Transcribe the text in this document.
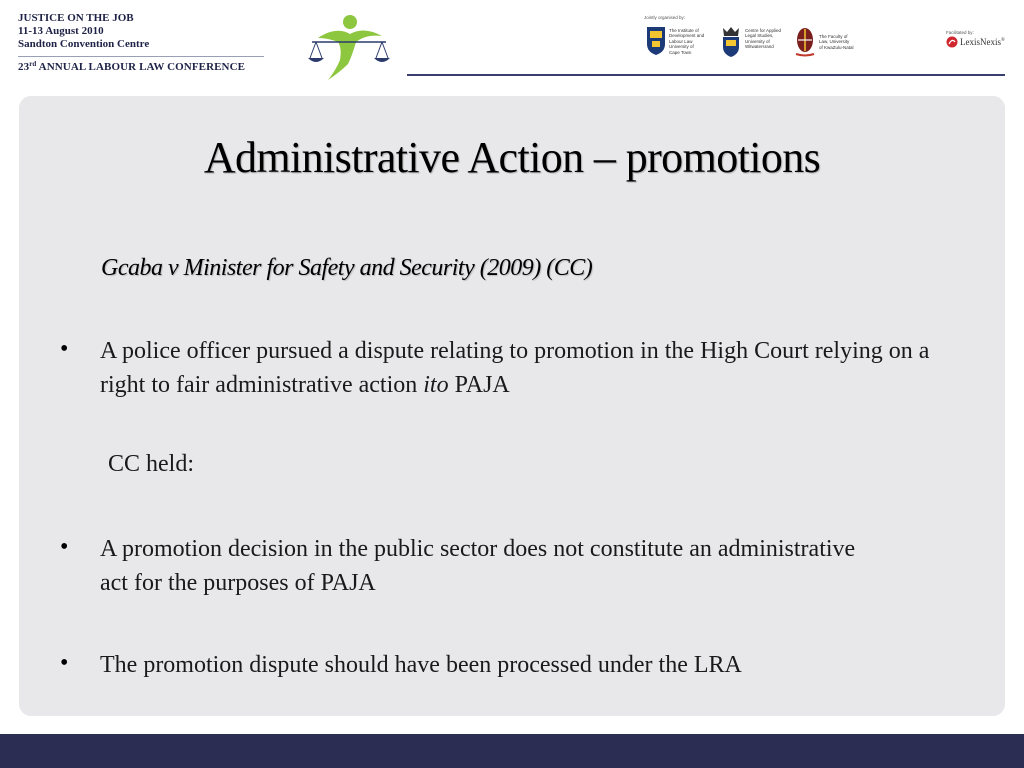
JUSTICE ON THE JOB
11-13 August 2010
Sandton Convention Centre
23rd ANNUAL LABOUR LAW CONFERENCE
Jointly organised by:
The Institute of
Development and
Labour Law
University of
Cape Town
Centre for Applied
Legal Studies,
University of
Witwatersrand
The Faculty of
Law, University
of KwaZulu-Natal
Facilitated by:
LexisNexis®
Administrative Action – promotions
Gcaba v Minister for Safety and Security (2009) (CC)
• A police officer pursued a dispute relating to promotion in the High Court relying on a right to fair administrative action ito PAJA
CC held:
• A promotion decision in the public sector does not constitute an administrative act for the purposes of PAJA
• The promotion dispute should have been processed under the LRA
